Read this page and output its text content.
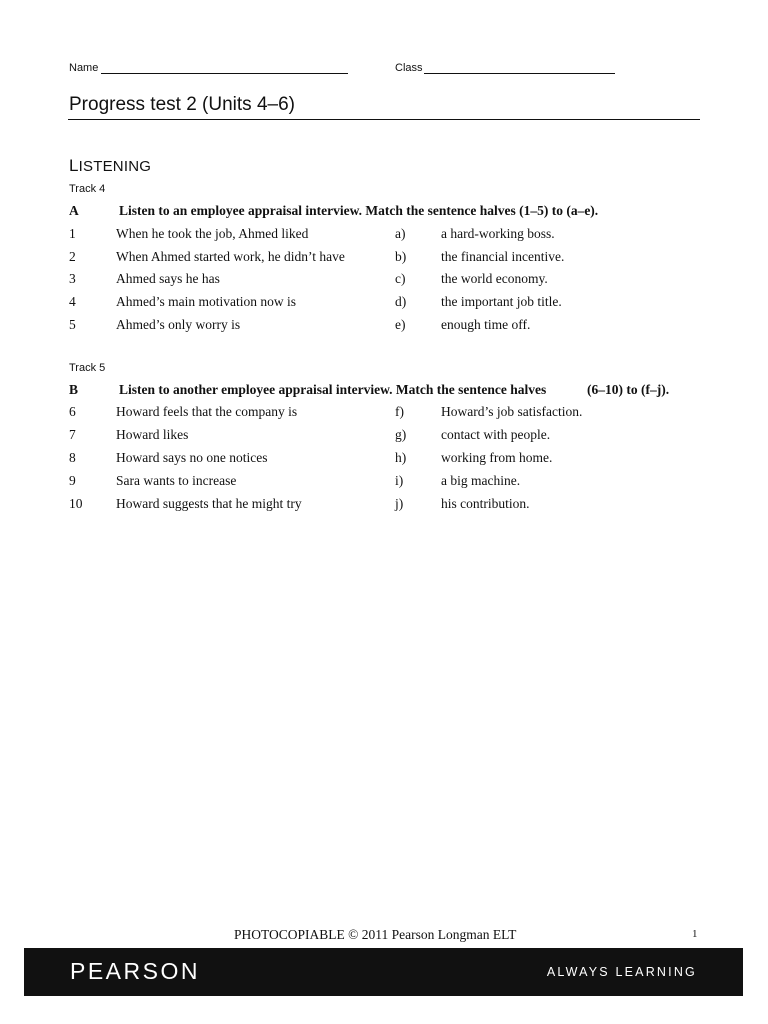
Name	Class
Progress test 2 (Units 4–6)
LISTENING
Track 4
A	Listen to an employee appraisal interview. Match the sentence halves (1–5) to (a–e).
1	When he took the job, Ahmed liked	a)	a hard-working boss.
2	When Ahmed started work, he didn’t have	b)	the financial incentive.
3	Ahmed says he has	c)	the world economy.
4	Ahmed’s main motivation now is	d)	the important job title.
5	Ahmed’s only worry is	e)	enough time off.
Track 5
B	Listen to another employee appraisal interview. Match the sentence halves	(6–10) to (f–j).
6	Howard feels that the company is	f)	Howard’s job satisfaction.
7	Howard likes	g)	contact with people.
8	Howard says no one notices	h)	working from home.
9	Sara wants to increase	i)	a big machine.
10 Howard suggests that he might try	j)	his contribution.
PHOTOCOPIABLE © 2011 Pearson Longman ELT	1
PEARSON	ALWAYS LEARNING
